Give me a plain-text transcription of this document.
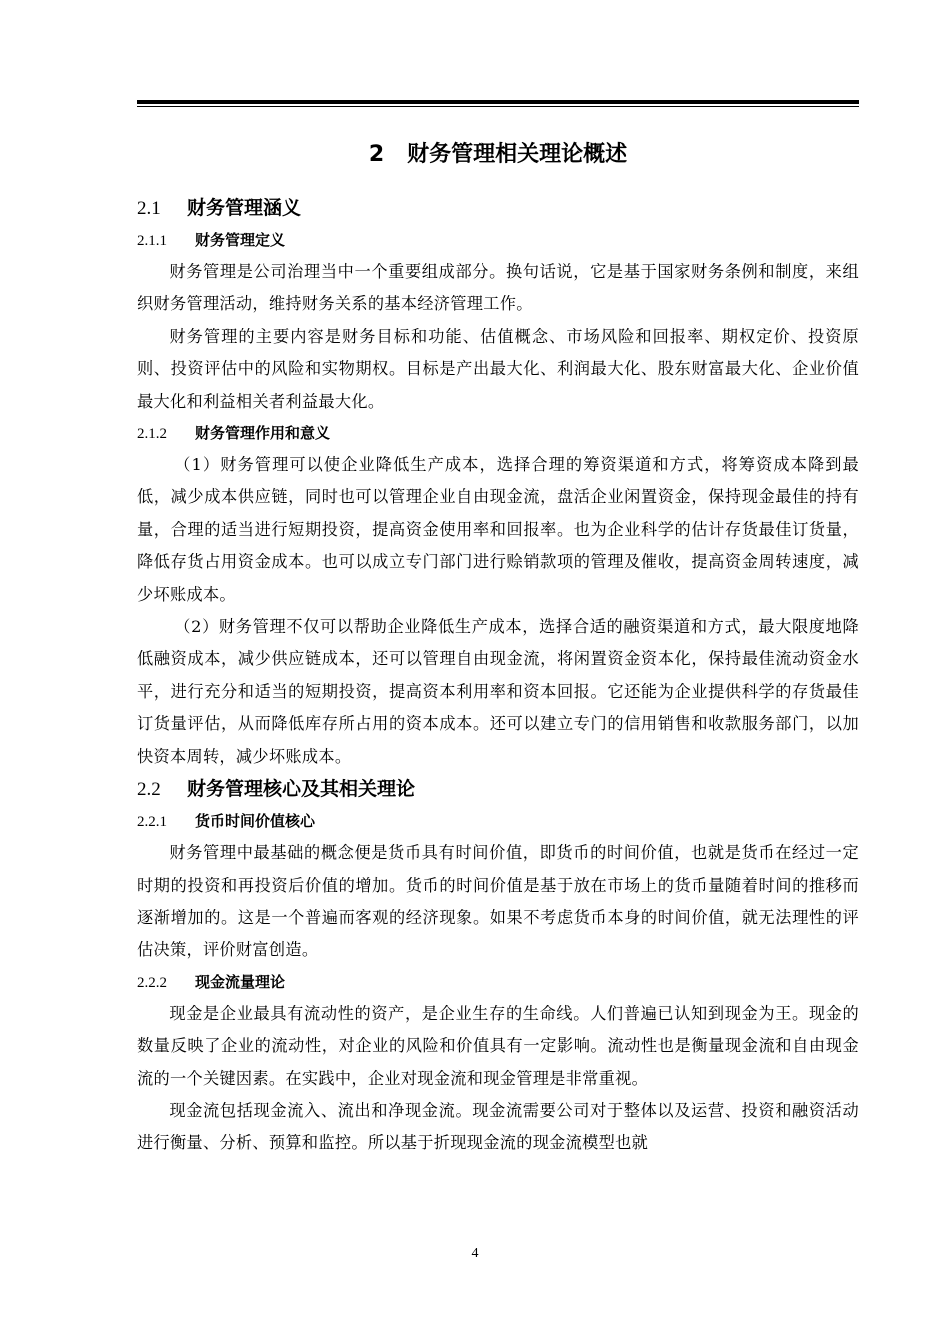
2 财务管理相关理论概述
2.1 财务管理涵义
2.1.1 财务管理定义

财务管理是公司治理当中一个重要组成部分。换句话说，它是基于国家财务条例和制度，来组织财务管理活动，维持财务关系的基本经济管理工作。

财务管理的主要内容是财务目标和功能、估值概念、市场风险和回报率、期权定价、投资原则、投资评估中的风险和实物期权。目标是产出最大化、利润最大化、股东财富最大化、企业价值最大化和利益相关者利益最大化。

2.1.2 财务管理作用和意义

（1）财务管理可以使企业降低生产成本，选择合理的筹资渠道和方式，将筹资成本降到最低，减少成本供应链，同时也可以管理企业自由现金流，盘活企业闲置资金，保持现金最佳的持有量，合理的适当进行短期投资，提高资金使用率和回报率。也为企业科学的估计存货最佳订货量，降低存货占用资金成本。也可以成立专门部门进行赊销款项的管理及催收，提高资金周转速度，减少坏账成本。

（2）财务管理不仅可以帮助企业降低生产成本，选择合适的融资渠道和方式，最大限度地降低融资成本，减少供应链成本，还可以管理自由现金流，将闲置资金资本化，保持最佳流动资金水平，进行充分和适当的短期投资，提高资本利用率和资本回报。它还能为企业提供科学的存货最佳订货量评估，从而降低库存所占用的资本成本。还可以建立专门的信用销售和收款服务部门，以加快资本周转，减少坏账成本。

2.2 财务管理核心及其相关理论
2.2.1 货币时间价值核心

财务管理中最基础的概念便是货币具有时间价值，即货币的时间价值，也就是货币在经过一定时期的投资和再投资后价值的增加。货币的时间价值是基于放在市场上的货币量随着时间的推移而逐渐增加的。这是一个普遍而客观的经济现象。如果不考虑货币本身的时间价值，就无法理性的评估决策，评价财富创造。

2.2.2 现金流量理论

现金是企业最具有流动性的资产，是企业生存的生命线。人们普遍已认知到现金为王。现金的数量反映了企业的流动性，对企业的风险和价值具有一定影响。流动性也是衡量现金流和自由现金流的一个关键因素。在实践中，企业对现金流和现金管理是非常重视。

现金流包括现金流入、流出和净现金流。现金流需要公司对于整体以及运营、投资和融资活动进行衡量、分析、预算和监控。所以基于折现现金流的现金流模型也就

4
